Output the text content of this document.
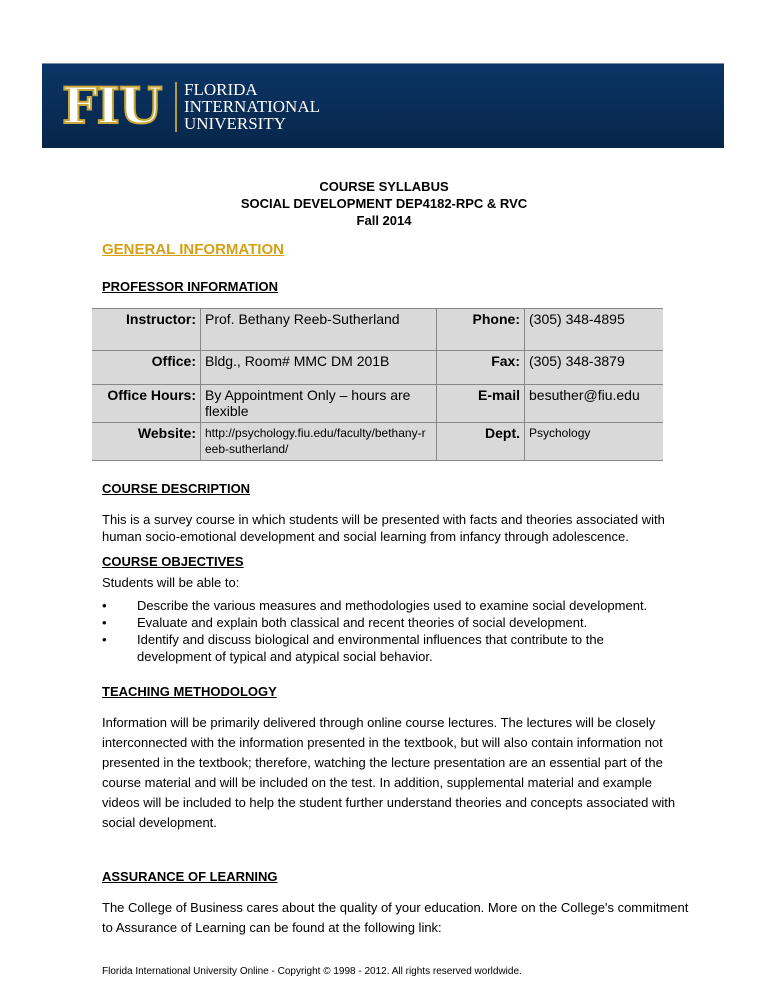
FIU FLORIDA
INTERNATIONAL
UNIVERSITY
COURSE SYLLABUS
SOCIAL DEVELOPMENT DEP4182-RPC & RVC
Fall 2014
GENERAL INFORMATION
PROFESSOR INFORMATION
Instructor:	Prof. Bethany Reeb-Sutherland	Phone:	(305) 348-4895
Office:	Bldg., Room# MMC DM 201B	Fax:	(305) 348-3879
Office Hours:	By Appointment Only – hours are flexible	E-mail	besuther@fiu.edu
Website:	http://psychology.fiu.edu/faculty/bethany-reeb-sutherland/	Dept.	Psychology
COURSE DESCRIPTION

This is a survey course in which students will be presented with facts and theories associated with human socio-emotional development and social learning from infancy through adolescence.

COURSE OBJECTIVES

Students will be able to:

• Describe the various measures and methodologies used to examine social development.
• Evaluate and explain both classical and recent theories of social development.
• Identify and discuss biological and environmental influences that contribute to the development of typical and atypical social behavior.
TEACHING METHODOLOGY

Information will be primarily delivered through online course lectures. The lectures will be closely interconnected with the information presented in the textbook, but will also contain information not presented in the textbook; therefore, watching the lecture presentation are an essential part of the course material and will be included on the test. In addition, supplemental material and example videos will be included to help the student further understand theories and concepts associated with social development.

ASSURANCE OF LEARNING

The College of Business cares about the quality of your education. More on the College's commitment to Assurance of Learning can be found at the following link:

Florida International University Online - Copyright © 1998 - 2012. All rights reserved worldwide.
